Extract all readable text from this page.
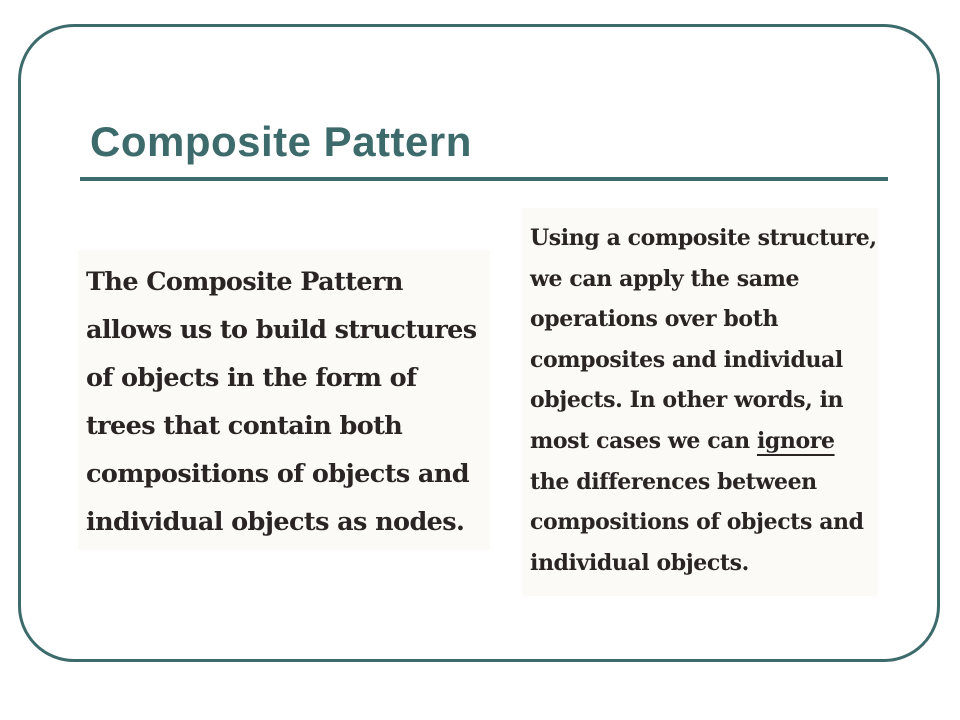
Composite Pattern

The Composite Pattern
allows us to build structures
of objects in the form of
trees that contain both
compositions of objects and
individual objects as nodes.

Using a composite structure,
we can apply the same
operations over both
composites and individual
objects. In other words, in
most cases we can ignore
the differences between
compositions of objects and
individual objects.
